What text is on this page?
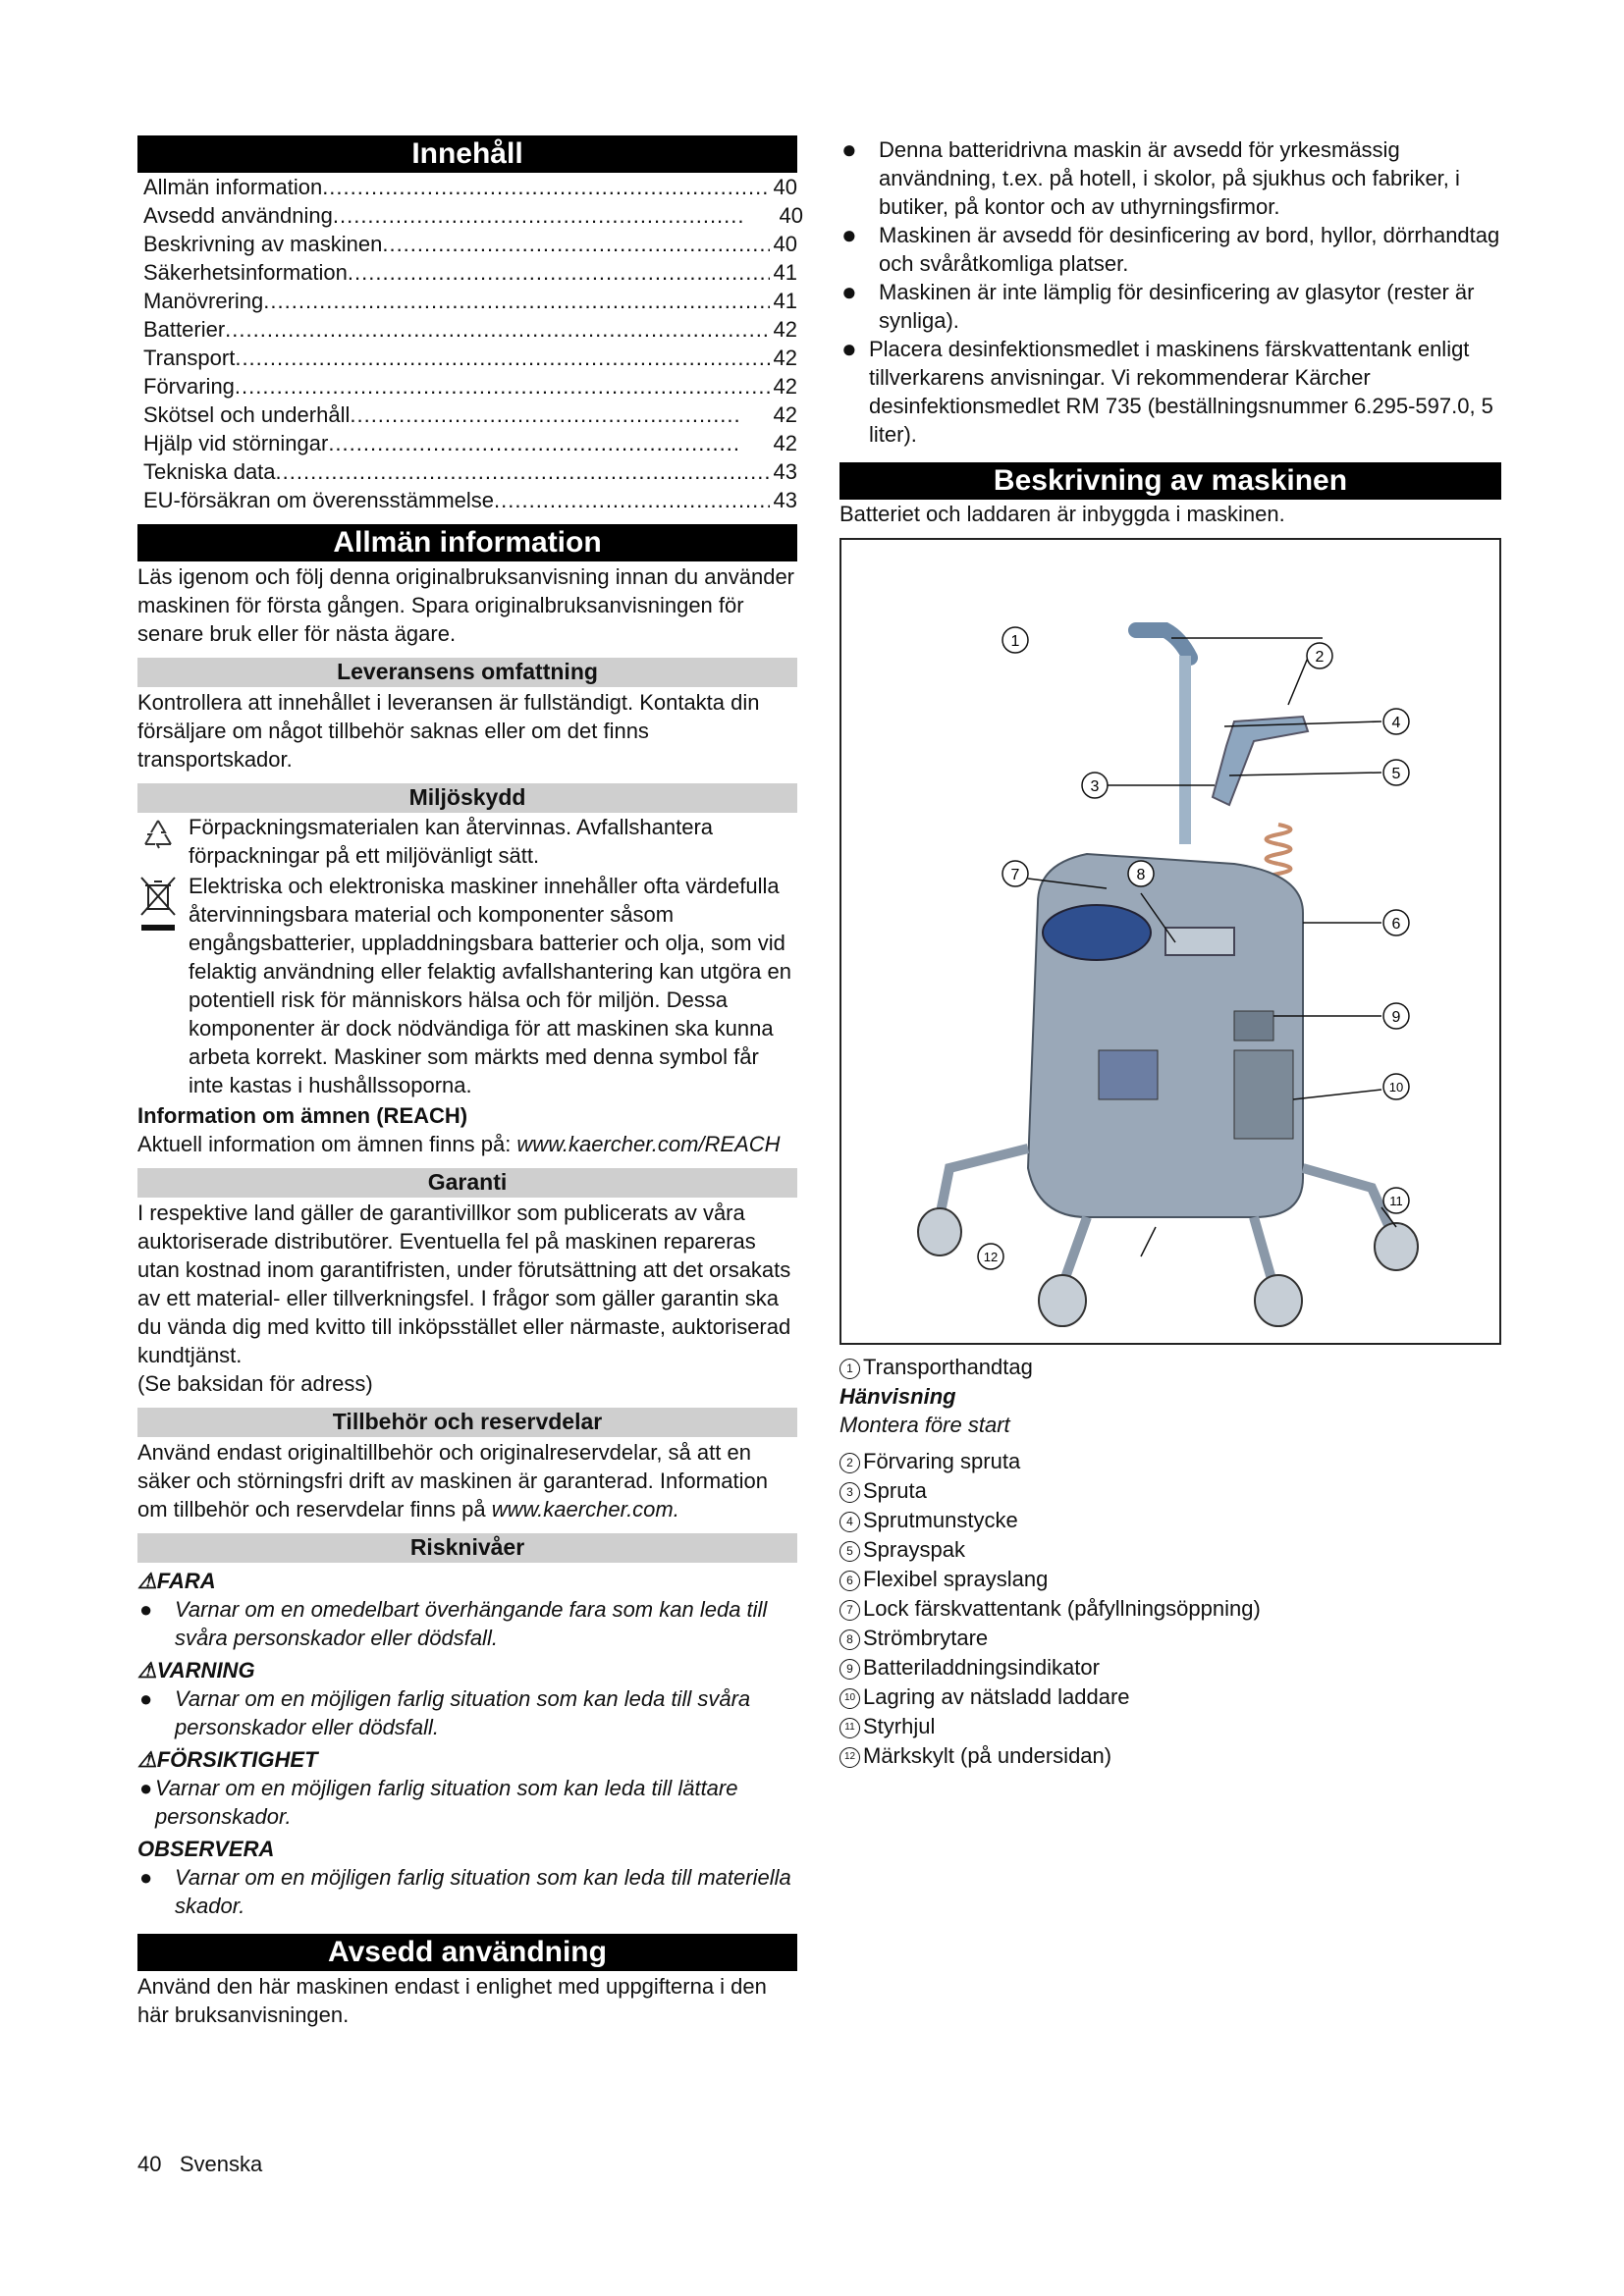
Innehåll
Allmän information .....	40
Avsedd användning .....	40
Beskrivning av maskinen .....	40
Säkerhetsinformation .....	41
Manövrering .....	41
Batterier .....	42
Transport .....	42
Förvaring .....	42
Skötsel och underhåll .....	42
Hjälp vid störningar .....	42
Tekniska data .....	43
EU-försäkran om överensstämmelse .....	43
Allmän information

Läs igenom och följ denna originalbruksanvisning innan du använder maskinen för första gången. Spara originalbruksanvisningen för senare bruk eller för nästa ägare.

Leveransens omfattning

Kontrollera att innehållet i leveransen är fullständigt. Kontakta din försäljare om något tillbehör saknas eller om det finns transportskador.

Miljöskydd

Förpackningsmaterialen kan återvinnas. Avfallshantera förpackningar på ett miljövänligt sätt.

Elektriska och elektroniska maskiner innehåller ofta värdefulla återvinningsbara material och komponenter såsom engångsbatterier, uppladdningsbara batterier och olja, som vid felaktig användning eller felaktig avfallshantering kan utgöra en potentiell risk för människors hälsa och för miljön. Dessa komponenter är dock nödvändiga för att maskinen ska kunna arbeta korrekt. Maskiner som märkts med denna symbol får inte kastas i hushållssoporna.

Information om ämnen (REACH)

Aktuell information om ämnen finns på: www.kaercher.com/REACH

Garanti

I respektive land gäller de garantivillkor som publicerats av våra auktoriserade distributörer. Eventuella fel på maskinen repareras utan kostnad inom garantifristen, under förutsättning att det orsakats av ett material- eller tillverkningsfel. I frågor som gäller garantin ska du vända dig med kvitto till inköpsstället eller närmaste, auktoriserad kundtjänst.

(Se baksidan för adress)

Tillbehör och reservdelar

Använd endast originaltillbehör och originalreservdelar, så att en säker och störningsfri drift av maskinen är garanterad. Information om tillbehör och reservdelar finns på www.kaercher.com.

Risknivåer

⚠FARA

● Varnar om en omedelbart överhängande fara som kan leda till svåra personskador eller dödsfall.

⚠VARNING

● Varnar om en möjligen farlig situation som kan leda till svåra personskador eller dödsfall.

⚠FÖRSIKTIGHET

● Varnar om en möjligen farlig situation som kan leda till lättare personskador.

OBSERVERA

● Varnar om en möjligen farlig situation som kan leda till materiella skador.
Avsedd användning

Använd den här maskinen endast i enlighet med uppgifterna i den här bruksanvisningen.

● Denna batteridrivna maskin är avsedd för yrkesmässig användning, t.ex. på hotell, i skolor, på sjukhus och fabriker, i butiker, på kontor och av uthyrningsfirmor.
● Maskinen är avsedd för desinficering av bord, hyllor, dörrhandtag och svåråtkomliga platser.
● Maskinen är inte lämplig för desinficering av glasytor (rester är synliga).
● Placera desinfektionsmedlet i maskinens färskvattentank enligt tillverkarens anvisningar. Vi rekommenderar Kärcher desinfektionsmedlet RM 735 (beställningsnummer 6.295-597.0, 5 liter).
Beskrivning av maskinen

Batteriet och laddaren är inbyggda i maskinen.

1
2
3
4
5
6
7	8
9
10
11
12
1 Transporthandtag

Hänvisning

Montera före start

2 Förvaring spruta
3 Spruta
4 Sprutmunstycke
5 Sprayspak
6 Flexibel sprayslang
7 Lock färskvattentank (påfyllningsöppning)
8 Strömbrytare
9 Batteriladdningsindikator
10 Lagring av nätsladd laddare
11 Styrhjul
12 Märkskylt (på undersidan)
40 Svenska
